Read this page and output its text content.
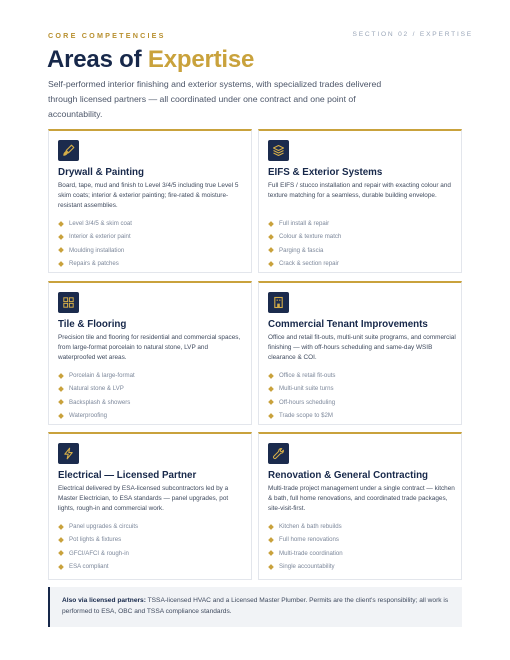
CORE COMPETENCIES	SECTION 02 / EXPERTISE
Areas of Expertise
Self-performed interior finishing and exterior systems, with specialized trades delivered through licensed partners — all coordinated under one contract and one point of accountability.
Drywall & Painting
Board, tape, mud and finish to Level 3/4/5 including true Level 5 skim coats; interior & exterior painting; fire-rated & moisture-resistant assemblies.
Level 3/4/5 & skim coat
Interior & exterior paint
Moulding installation
Repairs & patches
EIFS & Exterior Systems
Full EIFS / stucco installation and repair with exacting colour and texture matching for a seamless, durable building envelope.
Full install & repair
Colour & texture match
Parging & fascia
Crack & section repair
Tile & Flooring
Precision tile and flooring for residential and commercial spaces, from large-format porcelain to natural stone, LVP and waterproofed wet areas.
Porcelain & large-format
Natural stone & LVP
Backsplash & showers
Waterproofing
Commercial Tenant Improvements
Office and retail fit-outs, multi-unit suite programs, and commercial finishing — with off-hours scheduling and same-day WSIB clearance & COI.
Office & retail fit-outs
Multi-unit suite turns
Off-hours scheduling
Trade scope to $2M
Electrical — Licensed Partner
Electrical delivered by ESA-licensed subcontractors led by a Master Electrician, to ESA standards — panel upgrades, pot lights, rough-in and commercial work.
Panel upgrades & circuits
Pot lights & fixtures
GFCI/AFCI & rough-in
ESA compliant
Renovation & General Contracting
Multi-trade project management under a single contract — kitchen & bath, full home renovations, and coordinated trade packages, site-visit-first.
Kitchen & bath rebuilds
Full home renovations
Multi-trade coordination
Single accountability
Also via licensed partners: TSSA-licensed HVAC and a Licensed Master Plumber. Permits are the client's responsibility; all work is performed to ESA, OBC and TSSA compliance standards.
